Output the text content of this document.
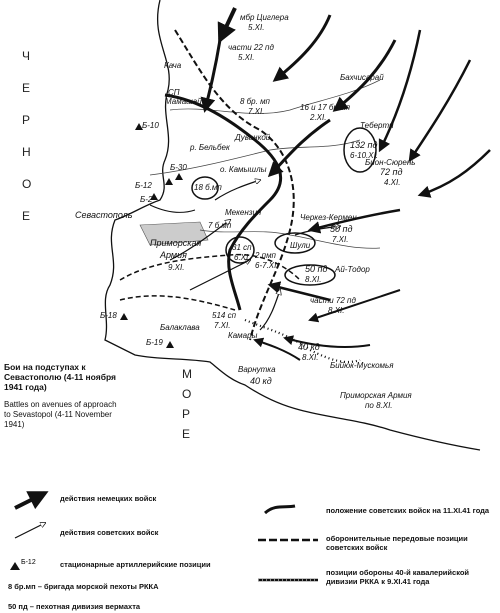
Ч
Е
Р
Н
О
Е
М
О
Р
Е
мбр Циглера
5.XI.
части 22 пд
5.XI.
Кача
Бахчисарай
СП
Мамашай	8 бр. мп
7.XI.	16 и 17 бр мп
2.XI.
Дуванкой
Теберти
132 пд
6-10.XI.
р. Бельбек
о. Камышлы	72 пд
4.XI.
Бион-Сюрень
Севастополь	Мекензия
18 б.мп
7 б.мп
Приморская
Армия
9.XI.
31 сп
6.XI.
Черкез-Кермен
50 пд
7.XI.
2 пмп
6-7.XI.
Шули
Ай-Тодор
50 пд
8.XI.
части 72 пд
8.XI.
Балаклава
514 сп
7.XI.
Камары
40 кд
8.XI.
Варнутка
40 кд
Бийюк-Мускомья
Приморская Армия
по 8.XI.
Б-10
Б-12
Б-30
Б-2
Б-18
Б-19
Бои на подступах к Севастополю (4-11 ноября 1941 года)
Battles on avenues of approach to Sevastopol (4-11 November 1941)
Б-12
действия немецких войск
действия советских войск
стационарные артиллерийские позиции
8 бр.мп – бригада морской пехоты РККА
50 пд – пехотная дивизия вермахта
положение советских войск на 11.XI.41 года
оборонительные передовые позиции советских войск
позиции обороны 40-й кавалерийской дивизии РККА к 9.XI.41 года
